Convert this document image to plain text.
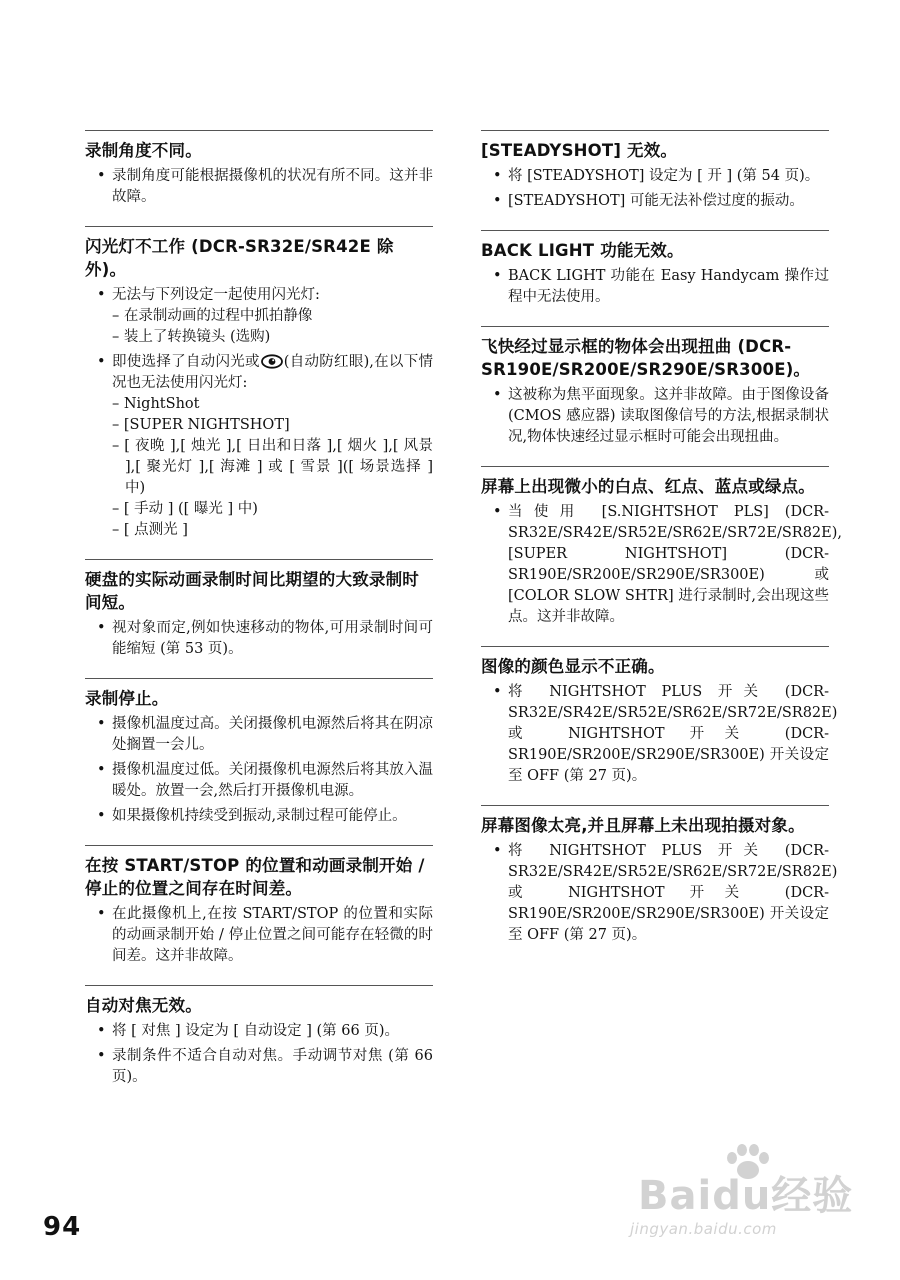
录制角度不同。
• 录制角度可能根据摄像机的状况有所不同。这并非故障。
闪光灯不工作 (DCR-SR32E/SR42E 除外)。
• 无法与下列设定一起使用闪光灯:
– 在录制动画的过程中抓拍静像
– 装上了转换镜头 (选购)
• 即使选择了自动闪光或 (自动防红眼),在以下情况也无法使用闪光灯:
– NightShot
– [SUPER NIGHTSHOT]
– [ 夜晚 ],[ 烛光 ],[ 日出和日落 ],[ 烟火 ],[ 风景 ],[ 聚光灯 ],[ 海滩 ] 或 [ 雪景 ]([ 场景选择 ] 中)
– [ 手动 ] ([ 曝光 ] 中)
– [ 点测光 ]
硬盘的实际动画录制时间比期望的大致录制时间短。
• 视对象而定,例如快速移动的物体,可用录制时间可能缩短 (第 53 页)。
录制停止。
• 摄像机温度过高。关闭摄像机电源然后将其在阴凉处搁置一会儿。
• 摄像机温度过低。关闭摄像机电源然后将其放入温暖处。放置一会,然后打开摄像机电源。
• 如果摄像机持续受到振动,录制过程可能停止。
在按 START/STOP 的位置和动画录制开始 / 停止的位置之间存在时间差。
• 在此摄像机上,在按 START/STOP 的位置和实际的动画录制开始 / 停止位置之间可能存在轻微的时间差。这并非故障。
自动对焦无效。
• 将 [ 对焦 ] 设定为 [ 自动设定 ] (第 66 页)。
• 录制条件不适合自动对焦。手动调节对焦 (第 66 页)。
[STEADYSHOT] 无效。
• 将 [STEADYSHOT] 设定为 [ 开 ] (第 54 页)。
• [STEADYSHOT] 可能无法补偿过度的振动。
BACK LIGHT 功能无效。
• BACK LIGHT 功能在 Easy Handycam 操作过程中无法使用。
飞快经过显示框的物体会出现扭曲 (DCR-SR190E/SR200E/SR290E/SR300E)。
• 这被称为焦平面现象。这并非故障。由于图像设备 (CMOS 感应器) 读取图像信号的方法,根据录制状况,物体快速经过显示框时可能会出现扭曲。
屏幕上出现微小的白点、红点、蓝点或绿点。
• 当使用 [S.NIGHTSHOT PLS] (DCR-SR32E/SR42E/SR52E/SR62E/SR72E/SR82E),[SUPER NIGHTSHOT] (DCR-SR190E/SR200E/SR290E/SR300E) 或 [COLOR SLOW SHTR] 进行录制时,会出现这些点。这并非故障。
图像的颜色显示不正确。
• 将 NIGHTSHOT PLUS 开关 (DCR-SR32E/SR42E/SR52E/SR62E/SR72E/SR82E) 或 NIGHTSHOT 开关 (DCR-SR190E/SR200E/SR290E/SR300E) 开关设定至 OFF (第 27 页)。
屏幕图像太亮,并且屏幕上未出现拍摄对象。
• 将 NIGHTSHOT PLUS 开关 (DCR-SR32E/SR42E/SR52E/SR62E/SR72E/SR82E) 或 NIGHTSHOT 开关 (DCR-SR190E/SR200E/SR290E/SR300E) 开关设定至 OFF (第 27 页)。
94
Baidu经验
jingyan.baidu.com
